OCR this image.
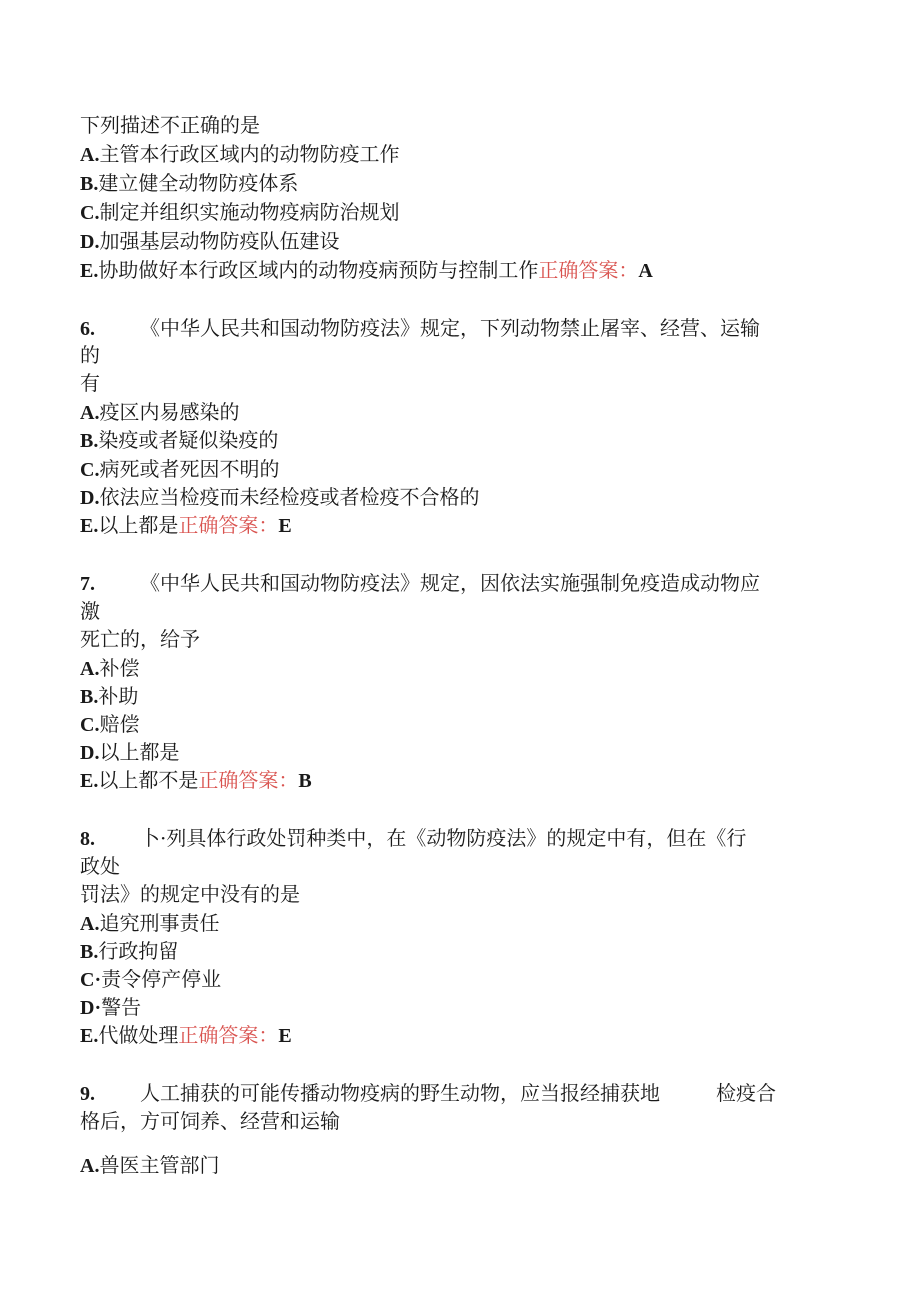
下列描述不正确的是
A.主管本行政区域内的动物防疫工作
B.建立健全动物防疫体系
C.制定并组织实施动物疫病防治规划
D.加强基层动物防疫队伍建设
E.协助做好本行政区域内的动物疫病预防与控制工作正确答案：A
6. 《中华人民共和国动物防疫法》规定，下列动物禁止屠宰、经营、运输
的
有
A.疫区内易感染的
B.染疫或者疑似染疫的
C.病死或者死因不明的
D.依法应当检疫而未经检疫或者检疫不合格的
E.以上都是正确答案：E
7. 《中华人民共和国动物防疫法》规定，因依法实施强制免疫造成动物应
激
死亡的，给予
A.补偿
B.补助
C.赔偿
D.以上都是
E.以上都不是正确答案：B
8. 卜·列具体行政处罚种类中，在《动物防疫法》的规定中有，但在《行
政处
罚法》的规定中没有的是
A.追究刑事责任
B.行政拘留
C·责令停产停业
D·警告
E.代做处理正确答案：E
9. 人工捕获的可能传播动物疫病的野生动物，应当报经捕获地	检疫合
格后，方可饲养、经营和运输
A.兽医主管部门
